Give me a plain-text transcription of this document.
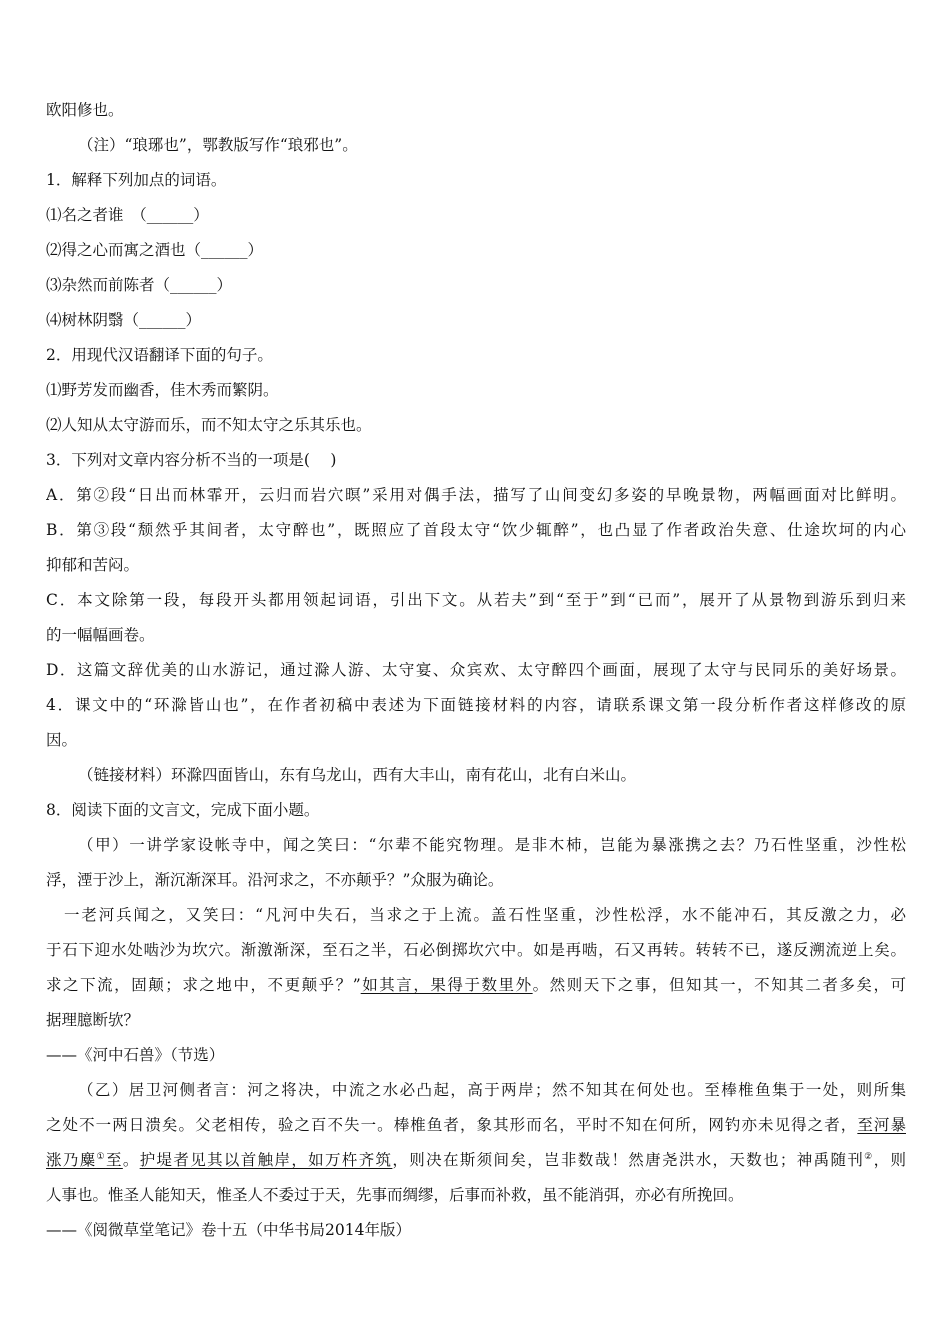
欧阳修也。
（注）“琅琊也”，鄂教版写作“琅邪也”。
1．解释下列加点的词语。
⑴名之者谁　（______）
⑵得之心而寓之酒也（______）
⑶杂然而前陈者（______）
⑷树林阴翳（______）
2．用现代汉语翻译下面的句子。
⑴野芳发而幽香，佳木秀而繁阴。
⑵人知从太守游而乐，而不知太守之乐其乐也。
3．下列对文章内容分析不当的一项是(　 )
A．第②段“日出而林霏开，云归而岩穴暝”采用对偶手法，描写了山间变幻多姿的早晚景物，两幅画面对比鲜明。
B．第③段“颓然乎其间者，太守醉也”，既照应了首段太守“饮少辄醉”，也凸显了作者政治失意、仕途坎坷的内心
抑郁和苦闷。
C．本文除第一段，每段开头都用领起词语，引出下文。从若夫”到“至于”到“已而”，展开了从景物到游乐到归来
的一幅幅画卷。
D．这篇文辞优美的山水游记，通过滁人游、太守宴、众宾欢、太守醉四个画面，展现了太守与民同乐的美好场景。
4．课文中的“环滁皆山也”，在作者初稿中表述为下面链接材料的内容，请联系课文第一段分析作者这样修改的原
因。
（链接材料）环滁四面皆山，东有乌龙山，西有大丰山，南有花山，北有白米山。
8．阅读下面的文言文，完成下面小题。
（甲）一讲学家设帐寺中，闻之笑曰：“尔辈不能究物理。是非木杮，岂能为暴涨携之去？乃石性坚重，沙性松
浮，湮于沙上，渐沉渐深耳。沿河求之，不亦颠乎？”众服为确论。
一老河兵闻之，又笑曰：“凡河中失石，当求之于上流。盖石性坚重，沙性松浮，水不能冲石，其反激之力，必
于石下迎水处啮沙为坎穴。渐激渐深，至石之半，石必倒掷坎穴中。如是再啮，石又再转。转转不已，遂反溯流逆上矣。
求之下流，固颠；求之地中，不更颠乎？”如其言，果得于数里外。然则天下之事，但知其一，不知其二者多矣，可
据理臆断欤？
——《河中石兽》（节选）
（乙）居卫河侧者言：河之将决，中流之水必凸起，高于两岸；然不知其在何处也。至棒椎鱼集于一处，则所集
之处不一两日溃矣。父老相传，验之百不失一。棒椎鱼者，象其形而名，平时不知在何所，网钓亦未见得之者，至河暴
涨乃麋①至。护堤者见其以首触岸，如万杵齐筑，则决在斯须间矣，岂非数哉！然唐尧洪水，天数也；神禹随刊②，则
人事也。惟圣人能知天，惟圣人不委过于天，先事而绸缪，后事而补救，虽不能消弭，亦必有所挽回。
——《阅微草堂笔记》卷十五（中华书局2014年版）
